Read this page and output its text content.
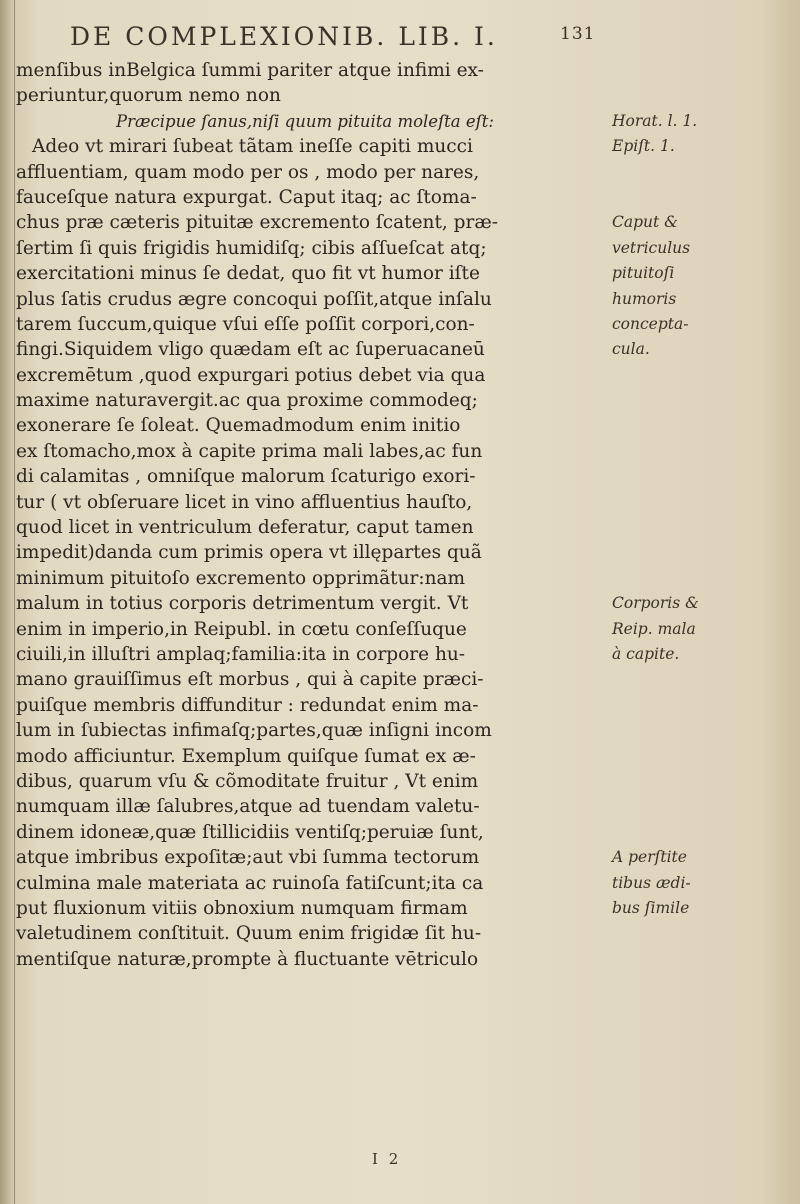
DE COMPLEXIONIB. LIB. I.	131
menſibus inBelgica ſummi pariter atque infimi ex-
periuntur,quorum nemo non
Præcipue ſanus,niſi quum pituita moleſta eſt:
Adeo vt mirari ſubeat tãtam ineſſe capiti mucci
affluentiam, quam modo per os , modo per nares,
fauceſque natura expurgat. Caput itaq; ac ſtoma-
chus præ cæteris pituitæ excremento ſcatent, præ-
ſertim ſi quis frigidis humidiſq; cibis aſſueſcat atq;
exercitationi minus ſe dedat, quo fit vt humor iſte
plus ſatis crudus ægre concoqui poſſit,atque inſalu
tarem ſuccum,quique vſui eſſe poſſit corpori,con-
fingi.Siquidem vligo quædam eſt ac ſuperuacaneū
excremētum ,quod expurgari potius debet via qua
maxime naturavergit.ac qua proxime commodeq;
exonerare ſe ſoleat. Quemadmodum enim initio
ex ſtomacho,mox à capite prima mali labes,ac fun
di calamitas , omniſque malorum ſcaturigo exori-
tur ( vt obſeruare licet in vino affluentius hauſto,
quod licet in ventriculum deferatur, caput tamen
impedit)danda cum primis opera vt illępartes quã
minimum pituitoſo excremento opprimãtur:nam
malum in totius corporis detrimentum vergit. Vt
enim in imperio,in Reipubl. in cœtu conſeſſuque
ciuili,in illuſtri amplaq;familia:ita in corpore hu-
mano grauiſſimus eſt morbus , qui à capite præci-
puiſque membris diffunditur : redundat enim ma-
lum in ſubiectas infimaſq;partes,quæ inſigni incom
modo afficiuntur. Exemplum quiſque ſumat ex æ-
dibus, quarum vſu & cõmoditate fruitur , Vt enim
numquam illæ ſalubres,atque ad tuendam valetu-
dinem idoneæ,quæ ſtillicidiis ventiſq;peruiæ ſunt,
atque imbribus expoſitæ;aut vbi ſumma tectorum
culmina male materiata ac ruinoſa fatiſcunt;ita ca
put fluxionum vitiis obnoxium numquam firmam
valetudinem conſtituit. Quum enim frigidæ ſit hu-
mentiſque naturæ,prompte à fluctuante vētriculo
Horat. l. 1.
Epiſt. 1.
Caput &
vetriculus
pituitoſi
humoris
concepta-
cula.
Corporis &
Reip. mala
à capite.
A perſtite
tibus ædi-
bus ſimile
I 2
